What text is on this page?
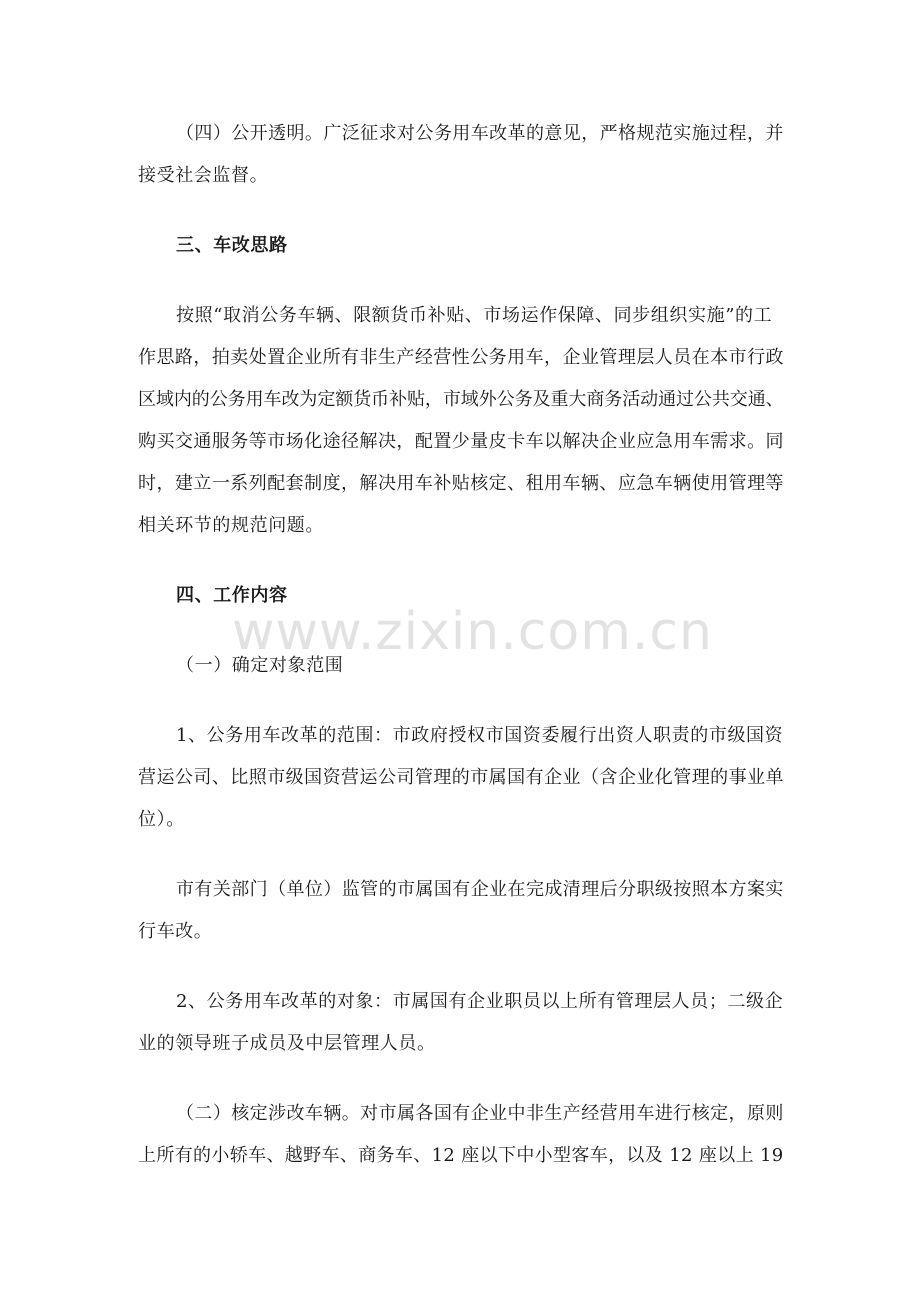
（四）公开透明。广泛征求对公务用车改革的意见，严格规范实施过程，并
接受社会监督。
三、车改思路
按照“取消公务车辆、限额货币补贴、市场运作保障、同步组织实施”的工
作思路，拍卖处置企业所有非生产经营性公务用车，企业管理层人员在本市行政
区域内的公务用车改为定额货币补贴，市域外公务及重大商务活动通过公共交通、
购买交通服务等市场化途径解决，配置少量皮卡车以解决企业应急用车需求。同
时，建立一系列配套制度，解决用车补贴核定、租用车辆、应急车辆使用管理等
相关环节的规范问题。
四、工作内容
（一）确定对象范围
1、公务用车改革的范围：市政府授权市国资委履行出资人职责的市级国资
营运公司、比照市级国资营运公司管理的市属国有企业（含企业化管理的事业单
位）。
市有关部门（单位）监管的市属国有企业在完成清理后分职级按照本方案实
行车改。
2、公务用车改革的对象：市属国有企业职员以上所有管理层人员；二级企
业的领导班子成员及中层管理人员。
（二）核定涉改车辆。对市属各国有企业中非生产经营用车进行核定，原则
上所有的小轿车、越野车、商务车、12 座以下中小型客车，以及 12 座以上 19
www.zixin.com.cn
